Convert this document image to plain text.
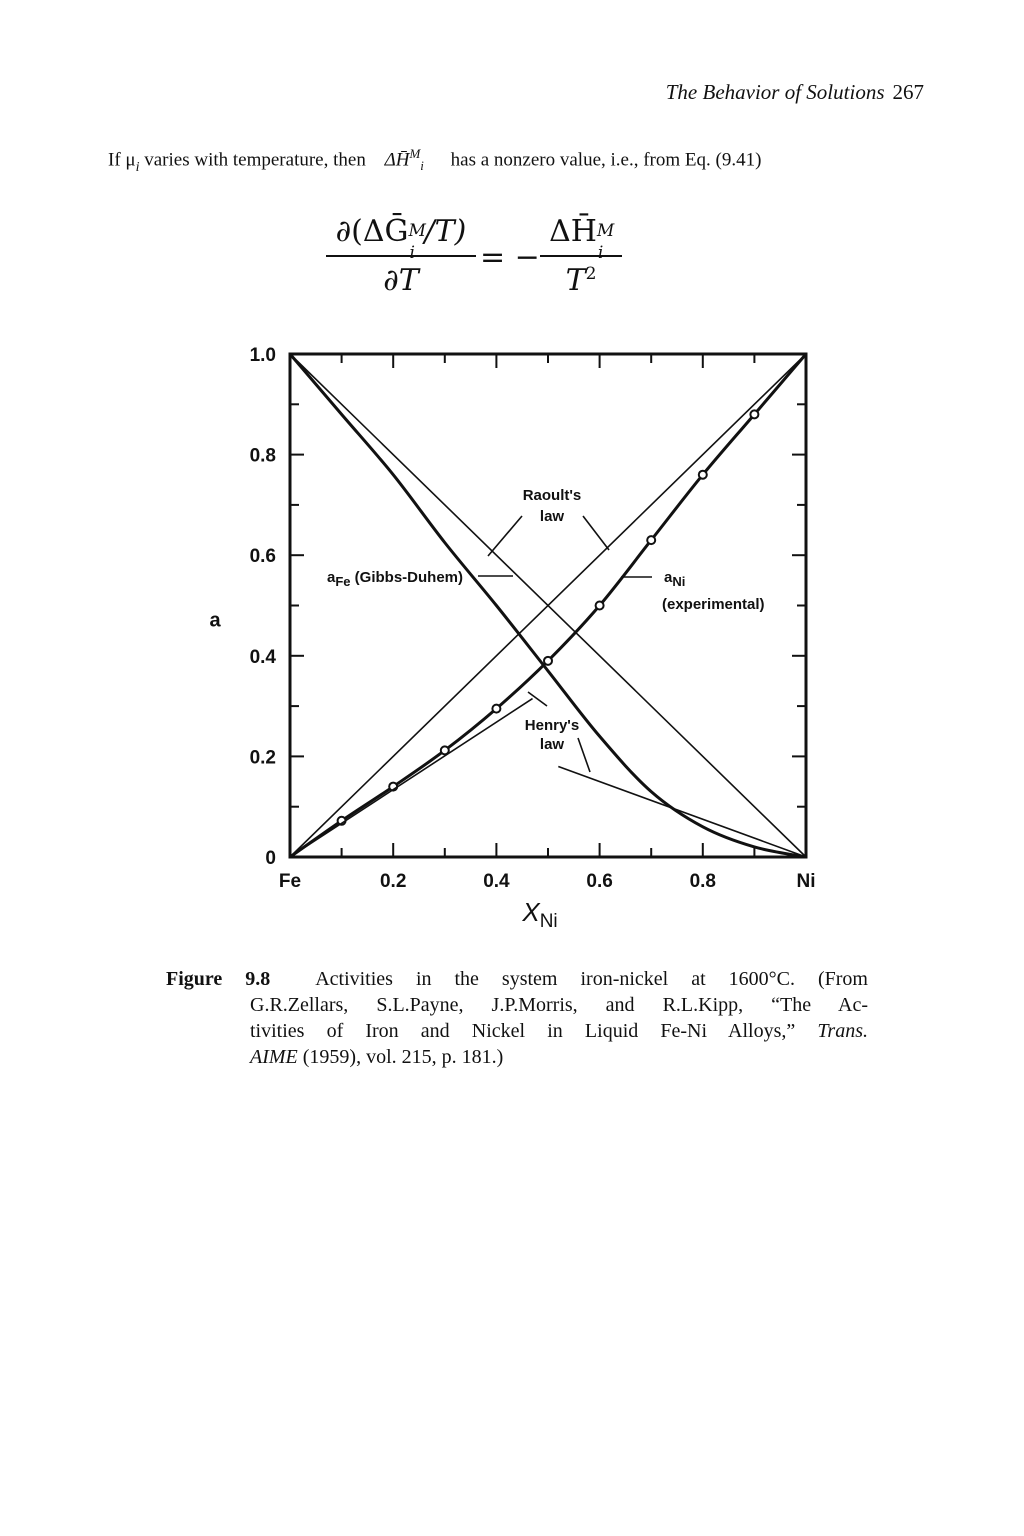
The Behavior of Solutions 267
If $\mu_i$ varies with temperature, then ΔH̄$^M_i$ has a nonzero value, i.e., from Eq. (9.41)
∂(ΔḠ M
i
/T)
∂T
= − ΔH̄ M
i
$T^2$
Fe	0.2	0.4	0.6	0.8	Ni
0
0.2
0.4
0.6
0.8
1.0
a
$X_{Ni}$
Raoult's
law
Henry's
law
aFe (Gibbs-Duhem)	aNi
(experimental)
Figure 9.8 Activities in the system iron-nickel at 1600°C. (From
G.R.Zellars, S.L.Payne, J.P.Morris, and R.L.Kipp, “The Ac-
tivities of Iron and Nickel in Liquid Fe-Ni Alloys,” Trans.
AIME (1959), vol. 215, p. 181.)
